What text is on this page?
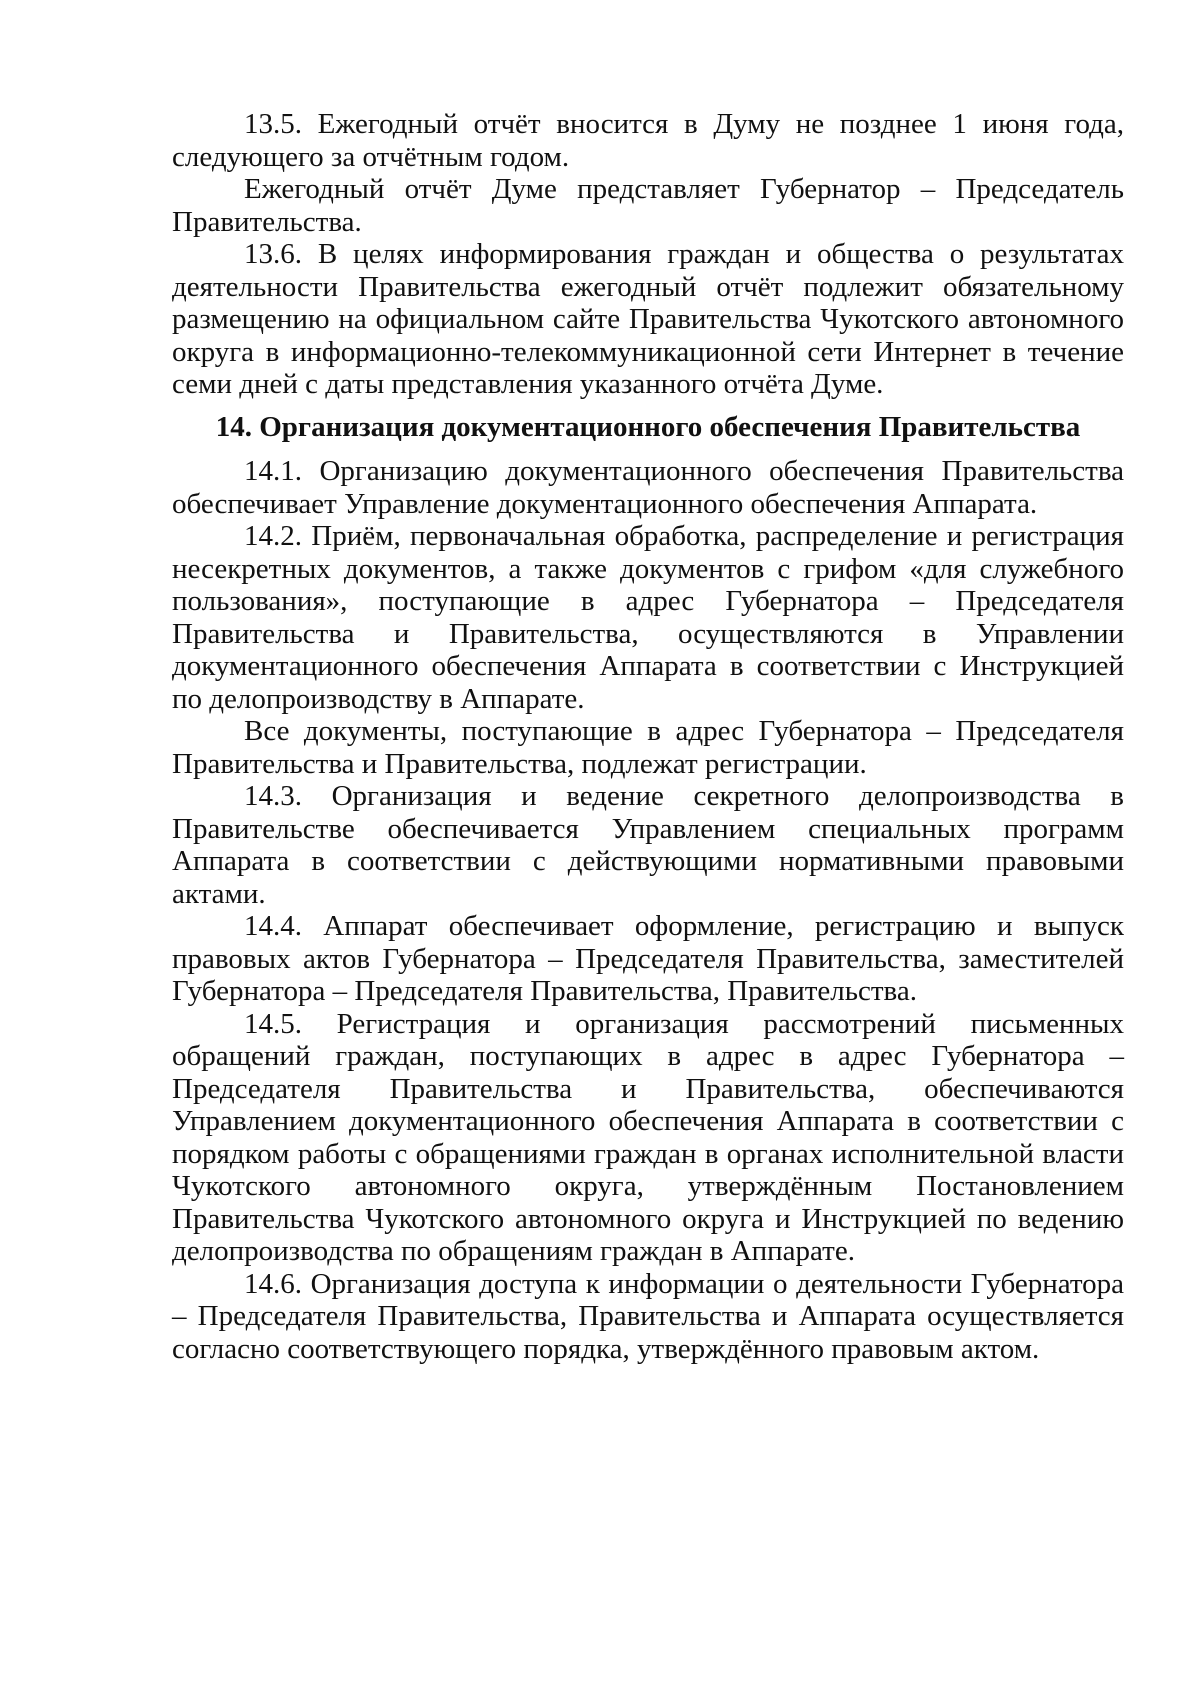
13.5. Ежегодный отчёт вносится в Думу не позднее 1 июня года, следующего за отчётным годом.

Ежегодный отчёт Думе представляет Губернатор – Председатель Правительства.

13.6. В целях информирования граждан и общества о результатах деятельности Правительства ежегодный отчёт подлежит обязательному размещению на официальном сайте Правительства Чукотского автономного округа в информационно-телекоммуникационной сети Интернет в течение семи дней с даты представления указанного отчёта Думе.

14. Организация документационного обеспечения Правительства

14.1. Организацию документационного обеспечения Правительства обеспечивает Управление документационного обеспечения Аппарата.

14.2. Приём, первоначальная обработка, распределение и регистрация несекретных документов, а также документов с грифом «для служебного пользования», поступающие в адрес Губернатора – Председателя Правительства и Правительства, осуществляются в Управлении документационного обеспечения Аппарата в соответствии с Инструкцией по делопроизводству в Аппарате.

Все документы, поступающие в адрес Губернатора – Председателя Правительства и Правительства, подлежат регистрации.

14.3. Организация и ведение секретного делопроизводства в Правительстве обеспечивается Управлением специальных программ Аппарата в соответствии с действующими нормативными правовыми актами.

14.4. Аппарат обеспечивает оформление, регистрацию и выпуск правовых актов Губернатора – Председателя Правительства, заместителей Губернатора – Председателя Правительства, Правительства.

14.5. Регистрация и организация рассмотрений письменных обращений граждан, поступающих в адрес в адрес Губернатора – Председателя Правительства и Правительства, обеспечиваются Управлением документационного обеспечения Аппарата в соответствии с порядком работы с обращениями граждан в органах исполнительной власти Чукотского автономного округа, утверждённым Постановлением Правительства Чукотского автономного округа и Инструкцией по ведению делопроизводства по обращениям граждан в Аппарате.

14.6. Организация доступа к информации о деятельности Губернатора – Председателя Правительства, Правительства и Аппарата осуществляется согласно соответствующего порядка, утверждённого правовым актом.
